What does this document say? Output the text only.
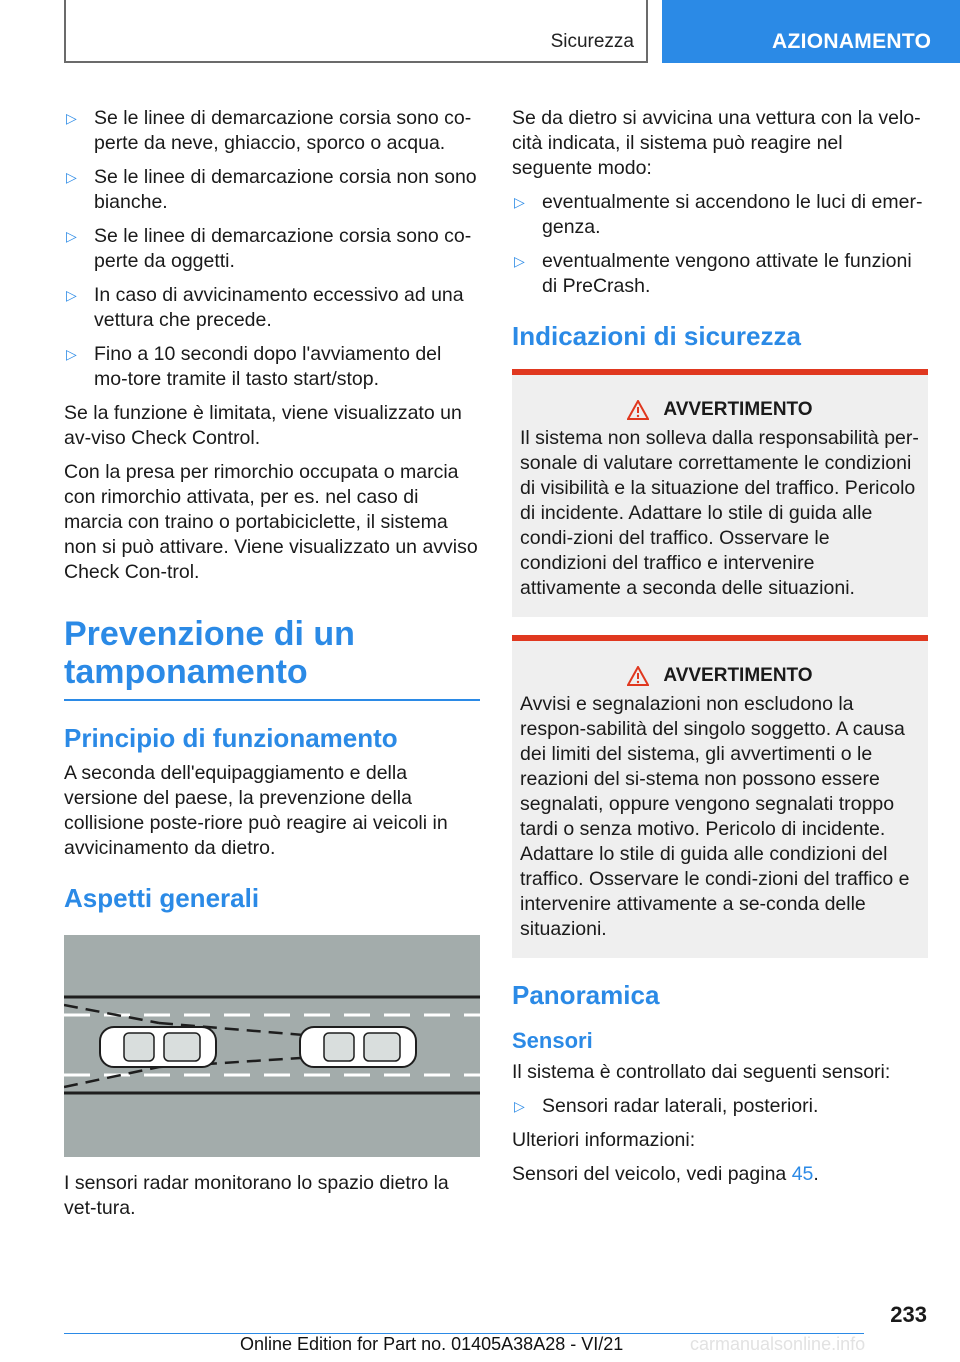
Sicurezza	AZIONAMENTO
▷ Se le linee di demarcazione corsia sono co-perte da neve, ghiaccio, sporco o acqua.
▷ Se le linee di demarcazione corsia non sono bianche.
▷ Se le linee di demarcazione corsia sono co-perte da oggetti.
▷ In caso di avvicinamento eccessivo ad una vettura che precede.
▷ Fino a 10 secondi dopo l'avviamento del mo-tore tramite il tasto start/stop.

Se la funzione è limitata, viene visualizzato un av-viso Check Control.

Con la presa per rimorchio occupata o marcia con rimorchio attivata, per es. nel caso di marcia con traino o portabiciclette, il sistema non si può attivare. Viene visualizzato un avviso Check Con-trol.

Prevenzione di un tamponamento
Principio di funzionamento

A seconda dell'equipaggiamento e della versione del paese, la prevenzione della collisione poste-riore può reagire ai veicoli in avvicinamento da dietro.

Aspetti generali

I sensori radar monitorano lo spazio dietro la vet-tura.

Se da dietro si avvicina una vettura con la velo-cità indicata, il sistema può reagire nel seguente modo:

▷ eventualmente si accendono le luci di emer-genza.
▷ eventualmente vengono attivate le funzioni di PreCrash.
Indicazioni di sicurezza
AVVERTIMENTO
Il sistema non solleva dalla responsabilità per-sonale di valutare correttamente le condizioni di visibilità e la situazione del traffico. Pericolo di incidente. Adattare lo stile di guida alle condi-zioni del traffico. Osservare le condizioni del traffico e intervenire attivamente a seconda delle situazioni.
AVVERTIMENTO
Avvisi e segnalazioni non escludono la respon-sabilità del singolo soggetto. A causa dei limiti del sistema, gli avvertimenti o le reazioni del si-stema non possono essere segnalati, oppure vengono segnalati troppo tardi o senza motivo. Pericolo di incidente. Adattare lo stile di guida alle condizioni del traffico. Osservare le condi-zioni del traffico e intervenire attivamente a se-conda delle situazioni.
Panoramica
Sensori

Il sistema è controllato dai seguenti sensori:

▷ Sensori radar laterali, posteriori.

Ulteriori informazioni:

Sensori del veicolo, vedi pagina 45.

233
Online Edition for Part no. 01405A38A28 - VI/21	carmanualsonline.info
